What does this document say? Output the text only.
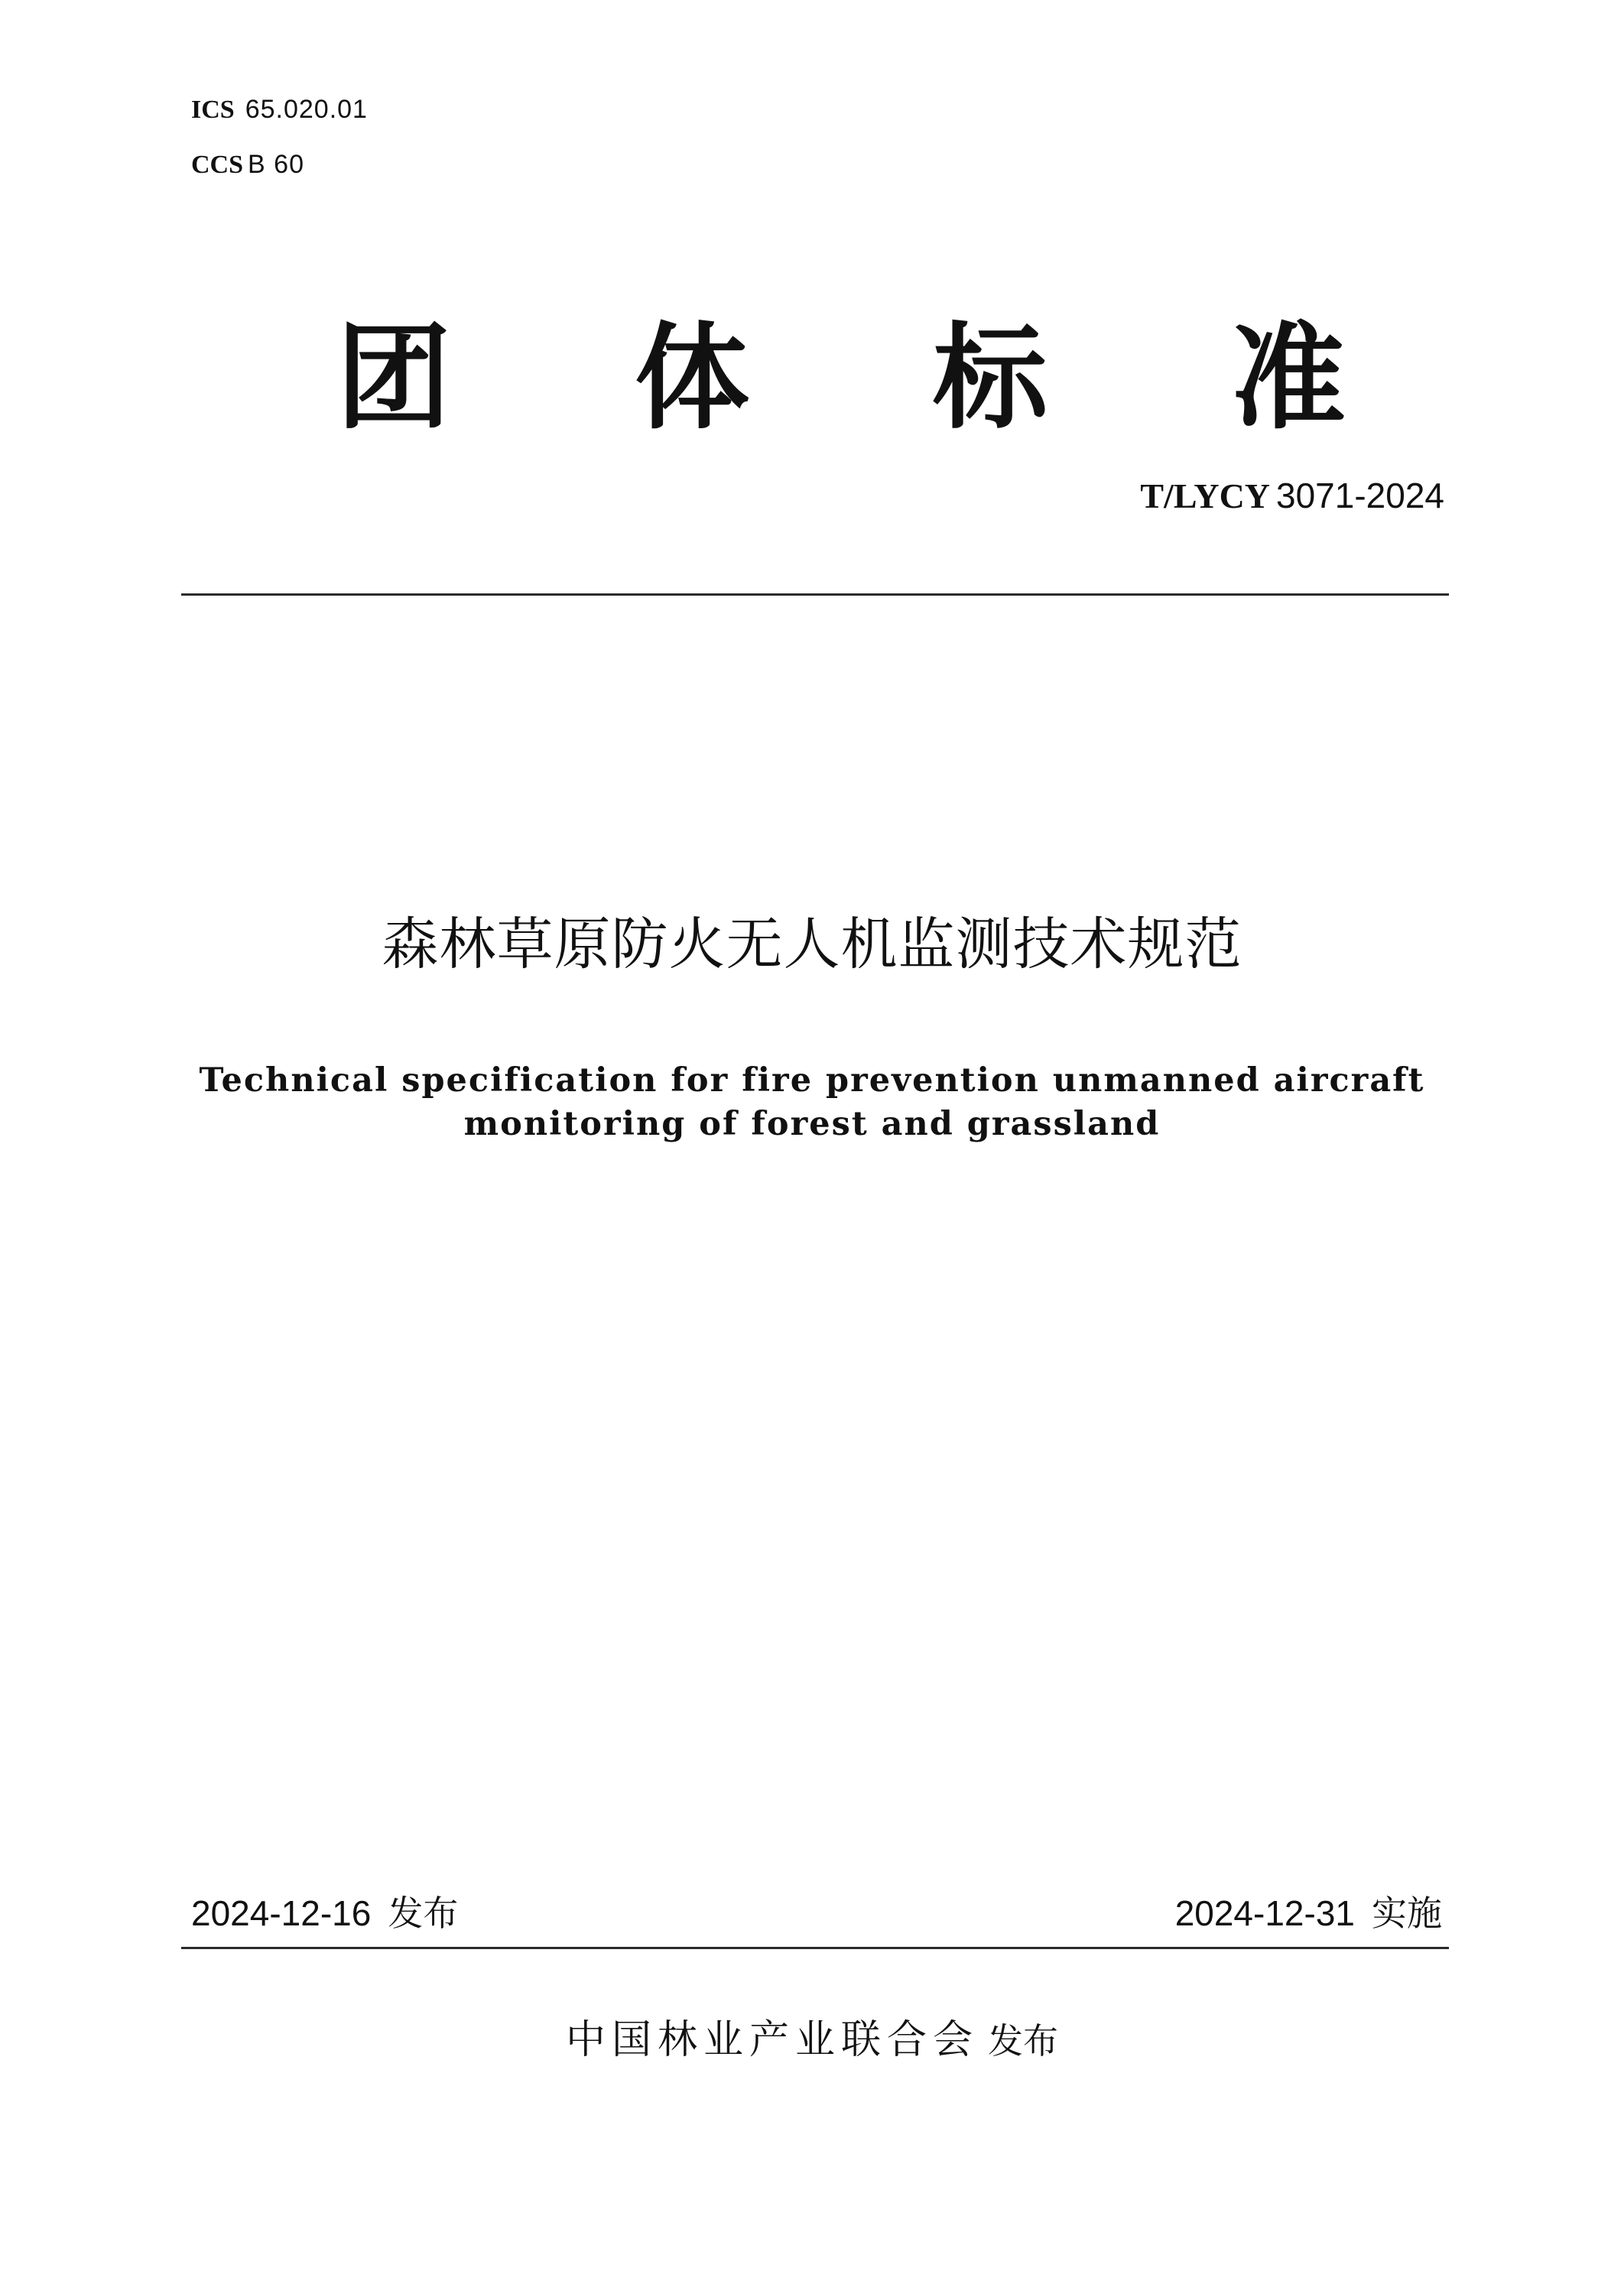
ICS 65.020.01
CCS B 60
团 体 标 准
T/LYCY 3071-2024
森林草原防火无人机监测技术规范
Technical specification for fire prevention unmanned aircraft
monitoring of forest and grassland
2024-12-16 发布	2024-12-31 实施
中国林业产业联合会 发布
